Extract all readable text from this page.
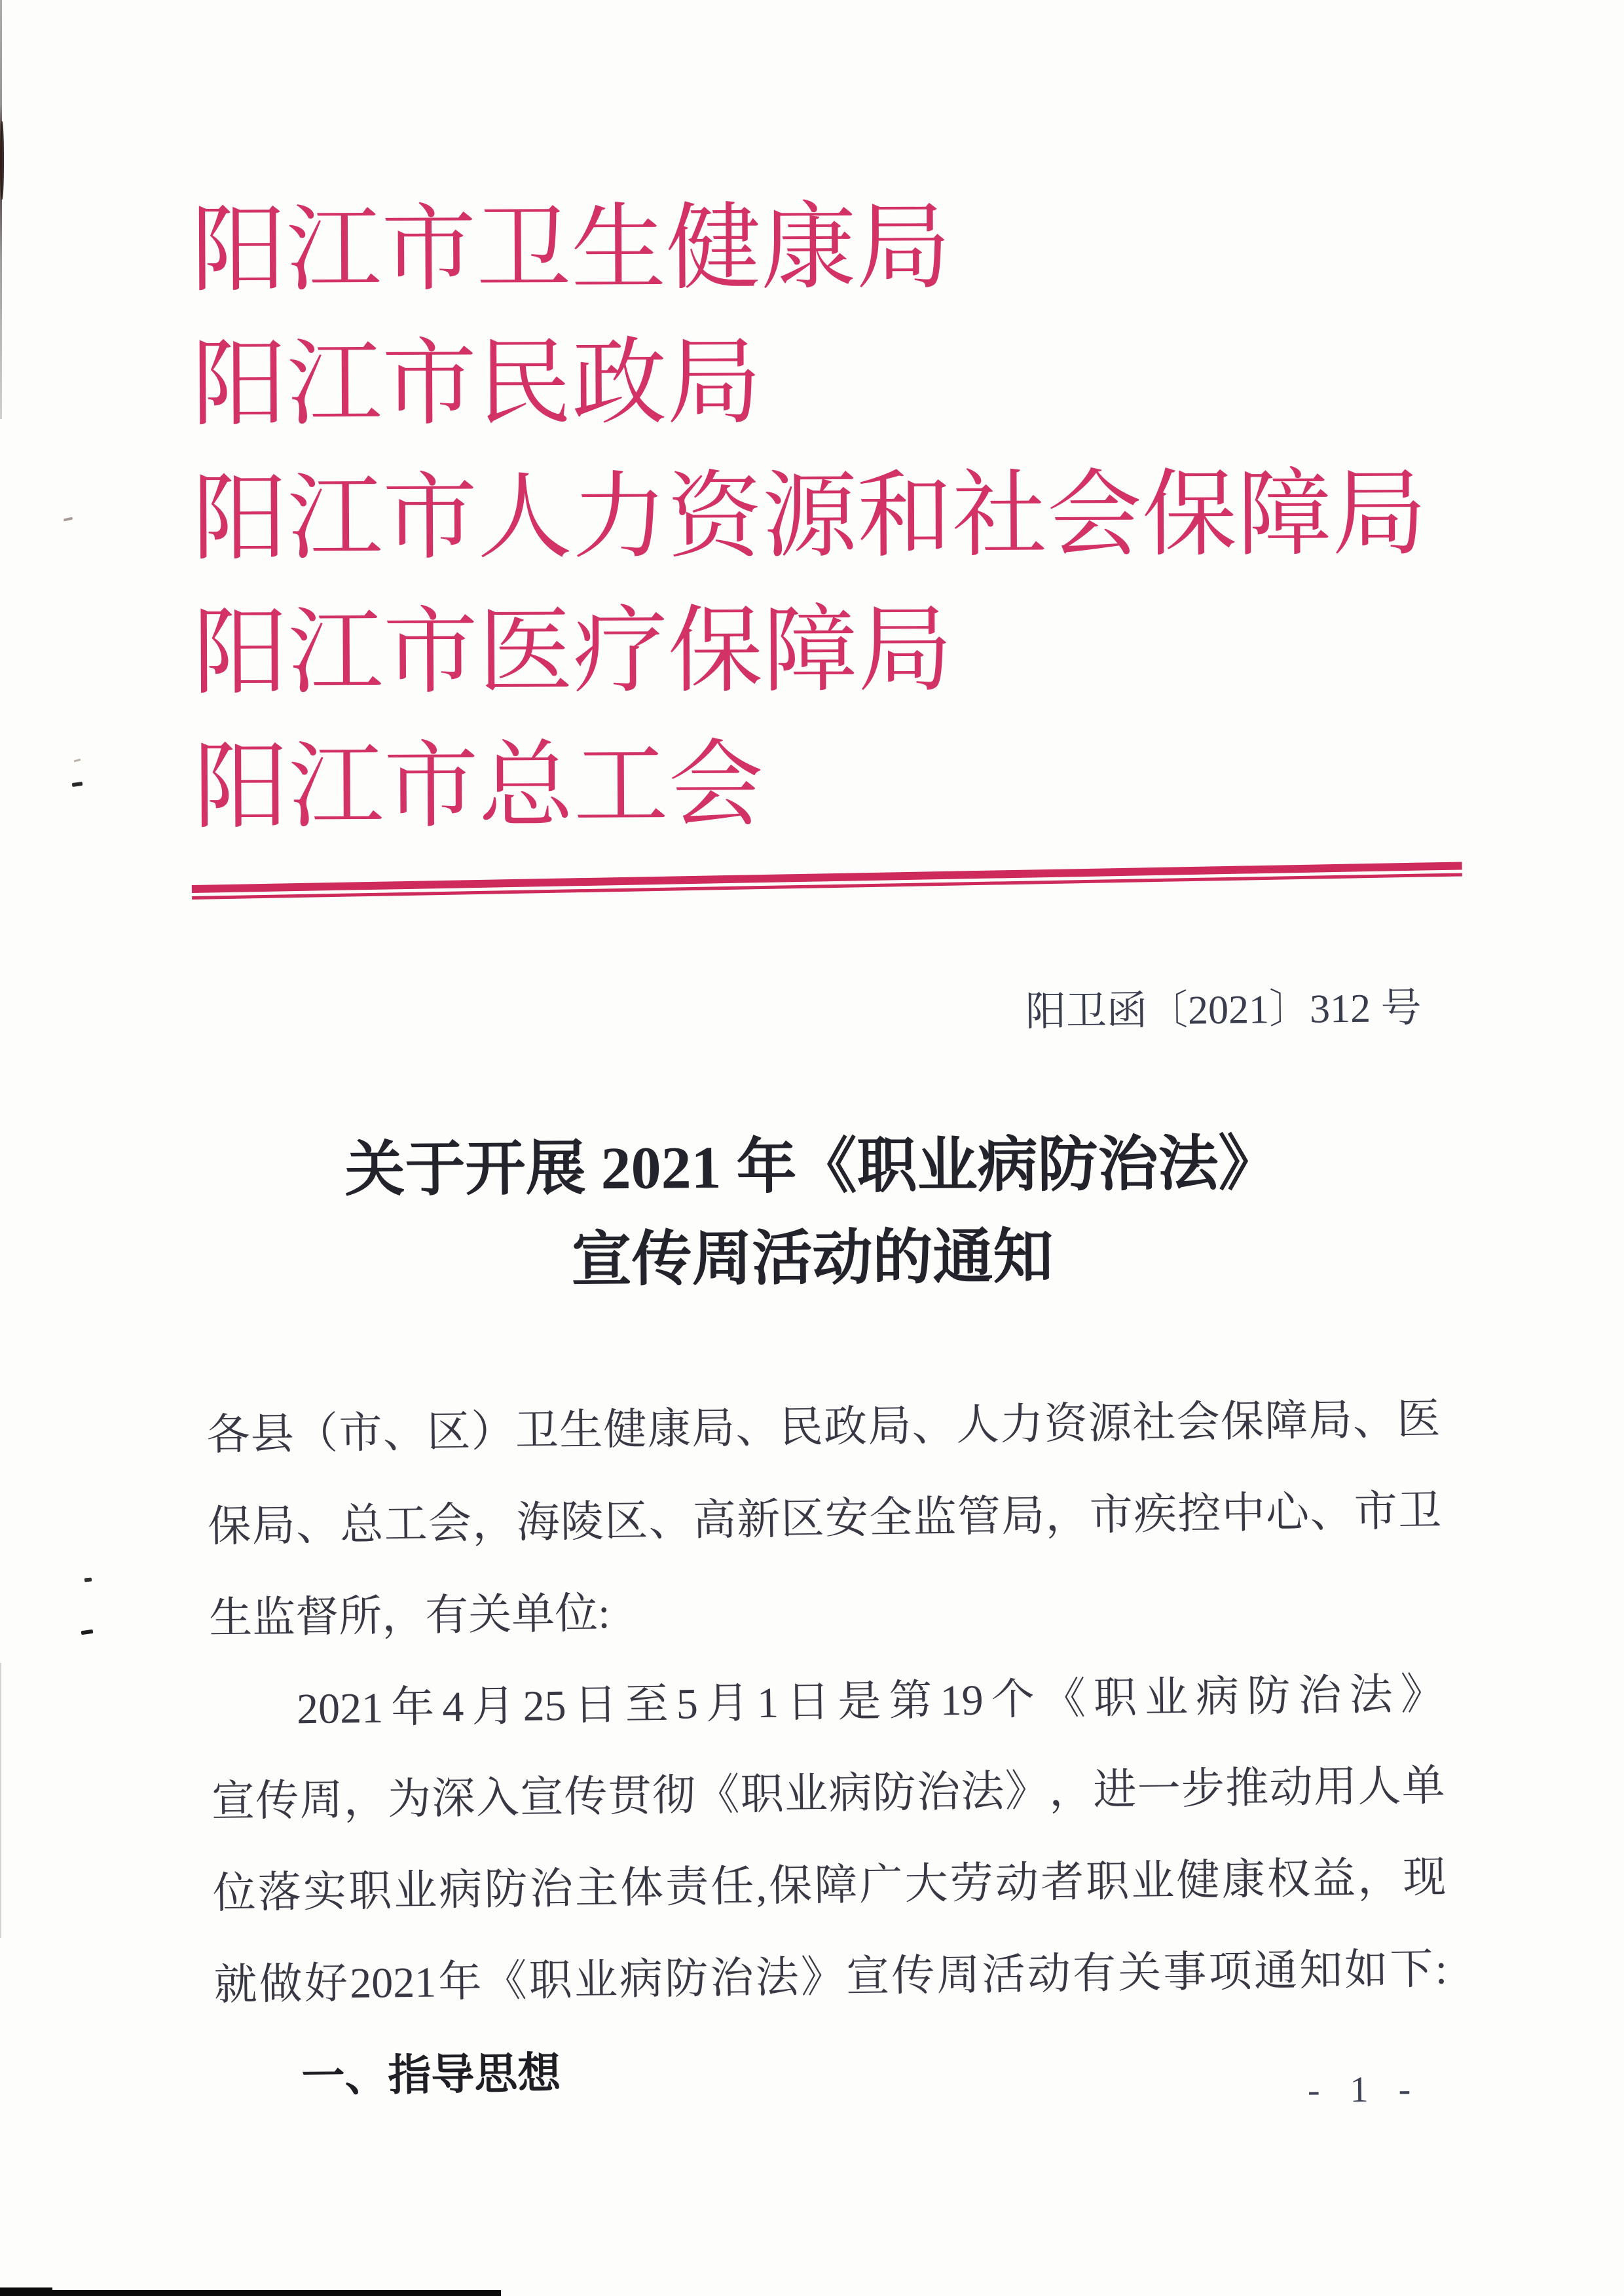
阳江市卫生健康局
阳江市民政局
阳江市人力资源和社会保障局
阳江市医疗保障局
阳江市总工会
阳卫函〔2021〕312 号
关于开展 2021 年《职业病防治法》
宣传周活动的通知
各 县 （ 市 、 区 ） 卫 生 健 康 局 、 民 政 局 、 人 力 资 源 社 会 保 障 局 、 医
保 局 、 总 工 会 ， 海 陵 区 、 高 新 区 安 全 监 管 局 ， 市 疾 控 中 心 、 市 卫
生监督所，有关单位:
2021 年 4 月 25 日 至 5 月 1 日 是 第 19 个 《 职 业 病 防 治 法 》
宣 传 周 ， 为 深 入 宣 传 贯 彻 《 职 业 病 防 治 法 》 ， 进 一 步 推 动 用 人 单
位 落 实 职 业 病 防 治 主 体 责 任 , 保 障 广 大 劳 动 者 职 业 健 康 权 益 ， 现
就 做 好 2021 年 《 职 业 病 防 治 法 》 宣 传 周 活 动 有 关 事 项 通 知 如 下 :
一、指导思想	- 1 -
